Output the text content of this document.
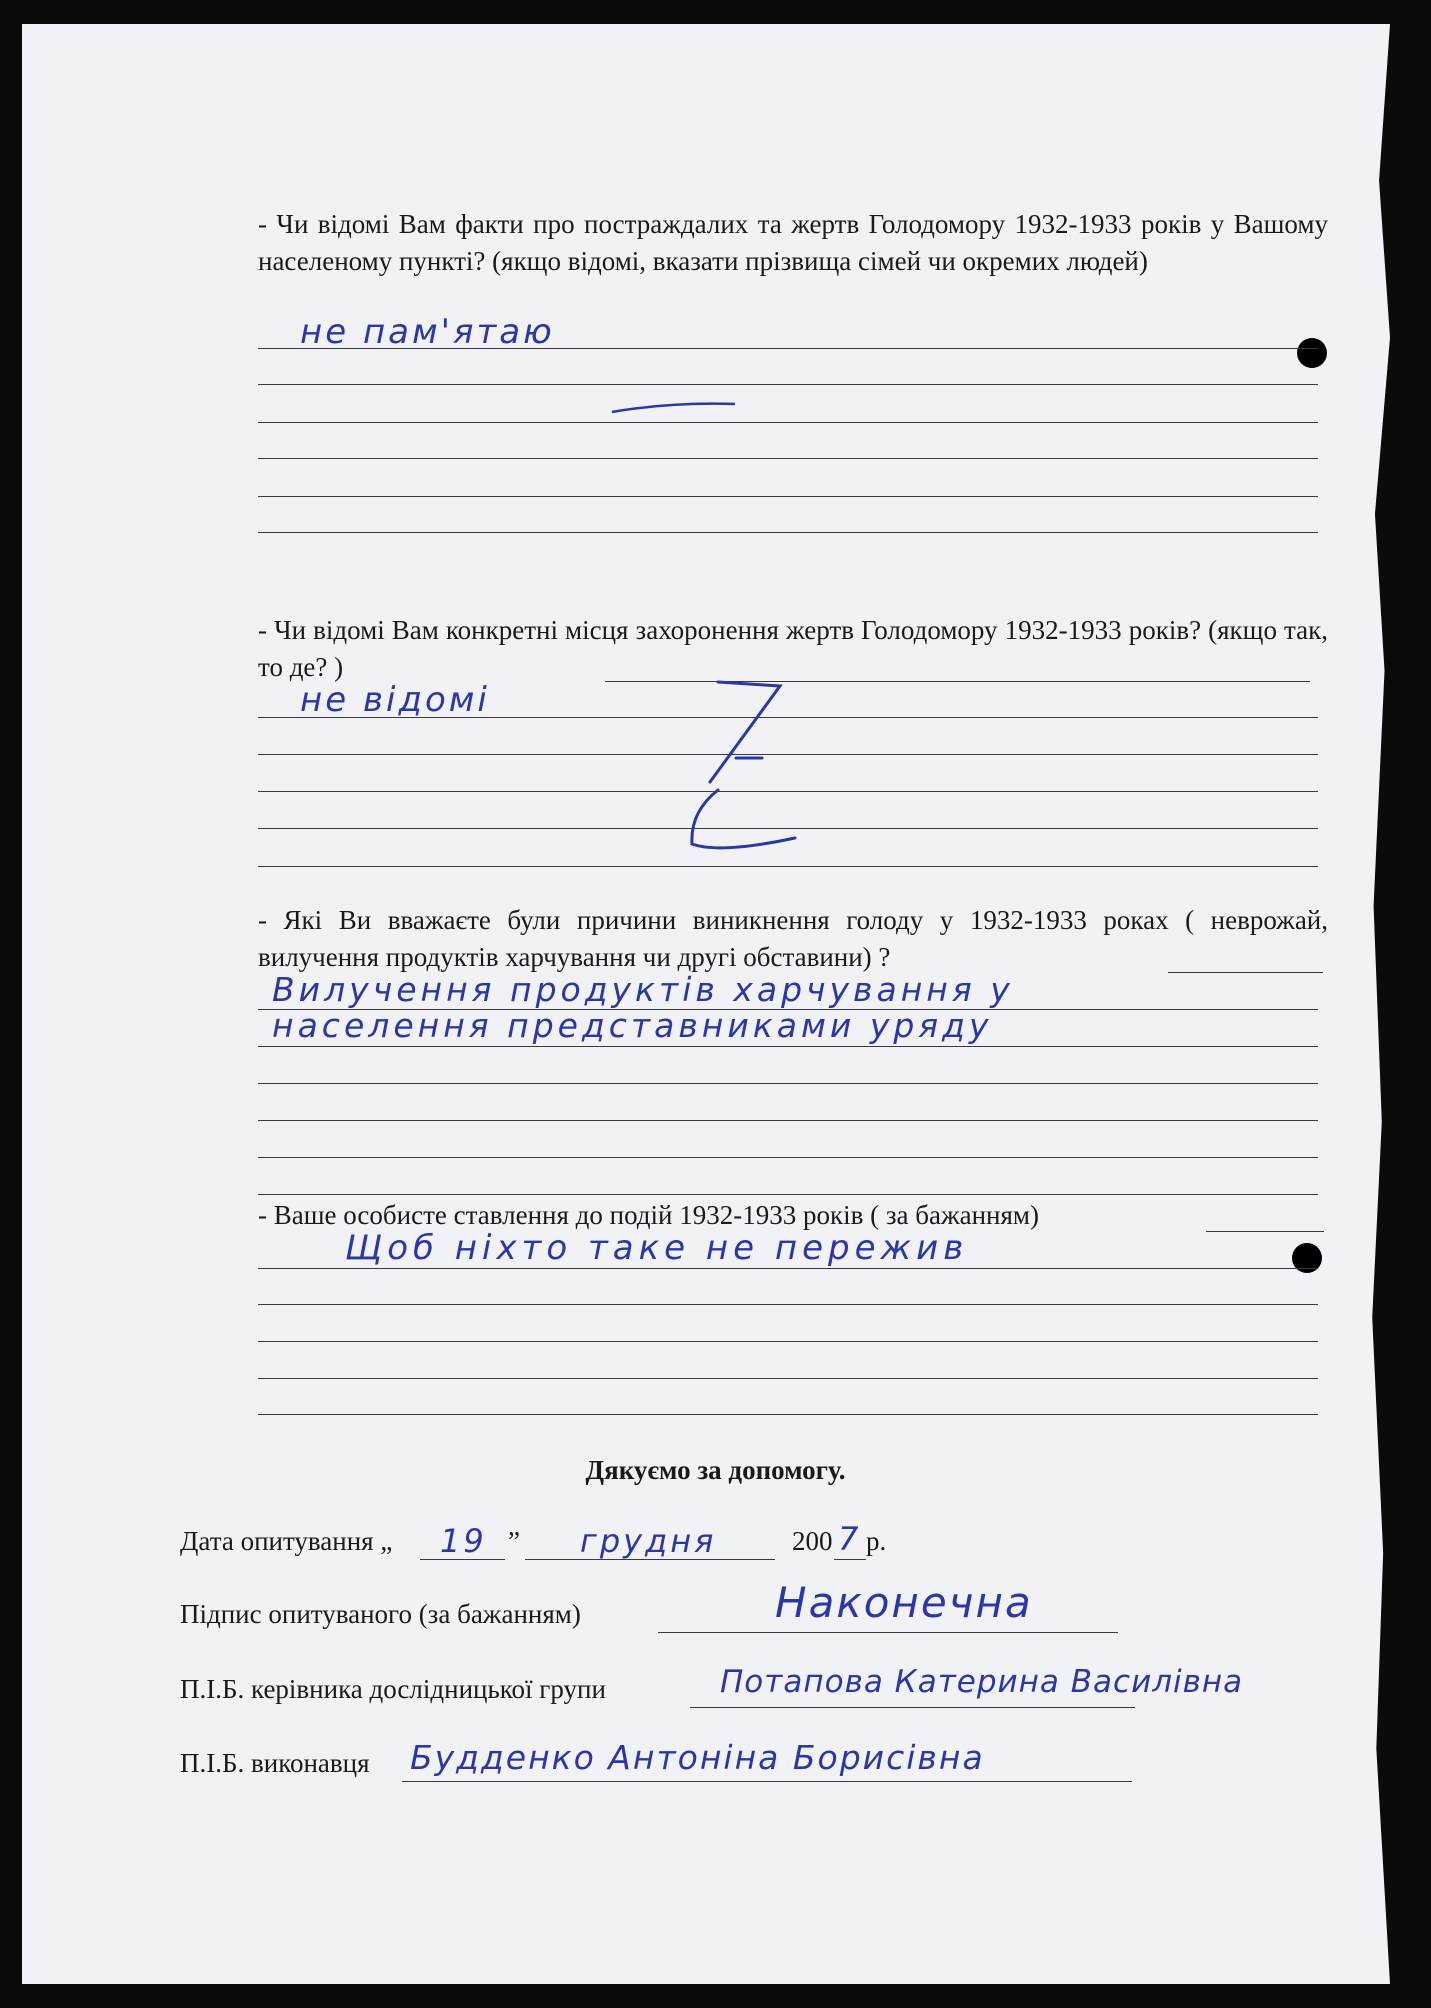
- Чи відомі Вам факти про постраждалих та жертв Голодомору 1932-1933 років у Вашому населеному пункті? (якщо відомі, вказати прізвища сімей чи окремих людей)
не пам'ятаю
- Чи відомі Вам конкретні місця захоронення жертв Голодомору 1932-1933 років? (якщо так, то де? )
не відомі
- Які Ви вважаєте були причини виникнення голоду у 1932-1933 роках ( неврожай, вилучення продуктів харчування чи другі обставини) ?
Вилучення продуктів харчування у
населення представниками уряду
- Ваше особисте ставлення до подій 1932-1933 років ( за бажанням)
Щоб ніхто таке не пережив
Дякуємо за допомогу.
Дата опитування „ 19 ” грудня	200 7 р.
Підпис опитуваного (за бажанням)	Наконечна
П.І.Б. керівника дослідницької групи	Потапова Катерина Василівна
П.І.Б. виконавця Будденко Антоніна Борисівна
